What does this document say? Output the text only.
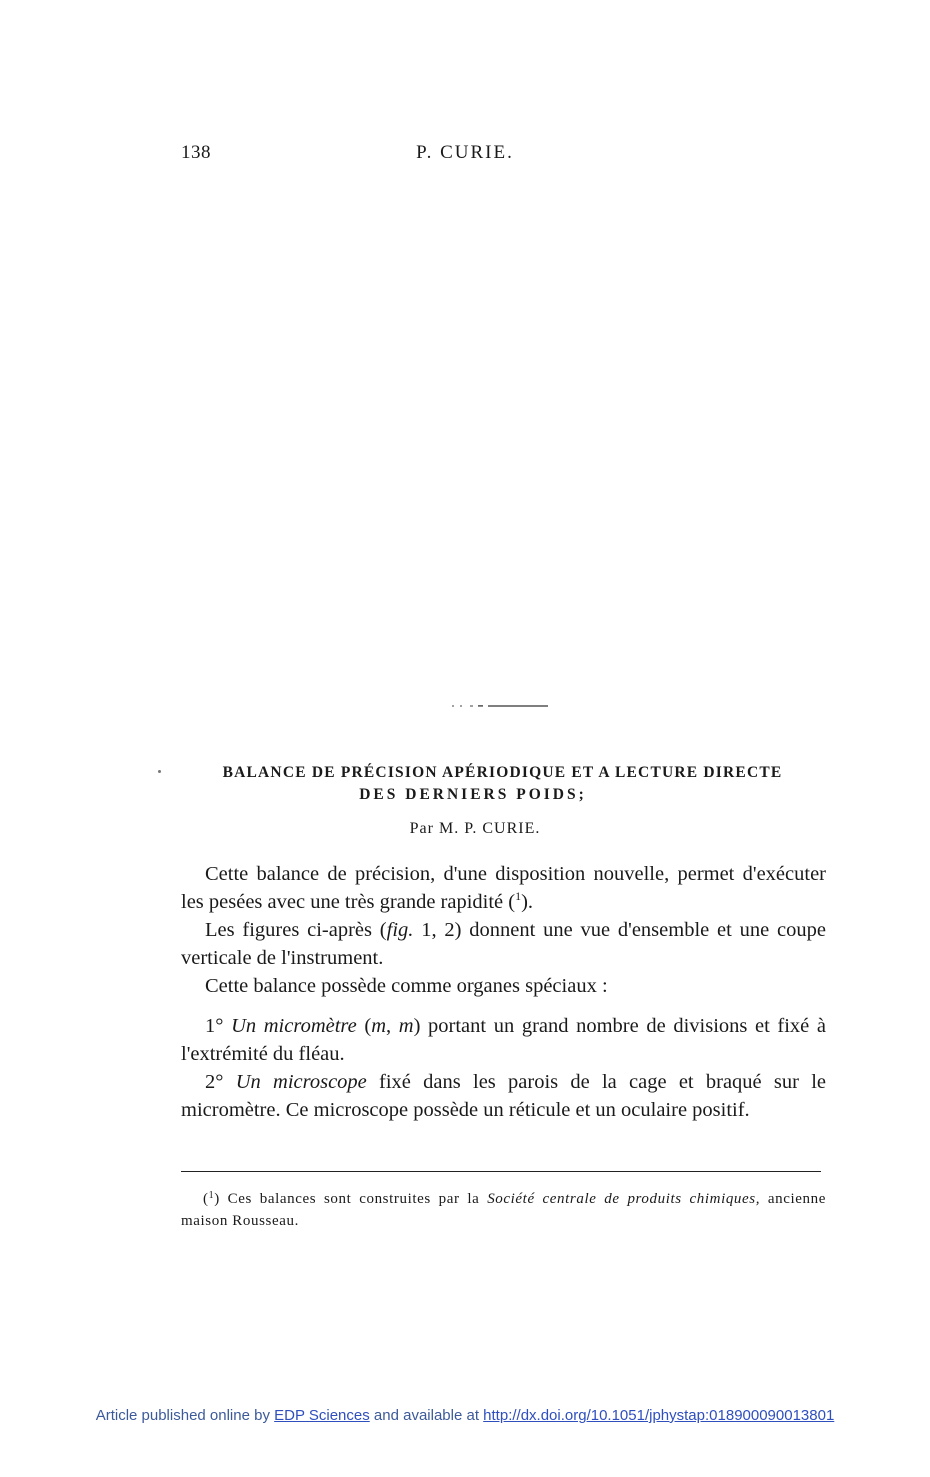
138	P. CURIE.
BALANCE DE PRÉCISION APÉRIODIQUE ET A LECTURE DIRECTE
DES DERNIERS POIDS;
Par M. P. CURIE.

Cette balance de précision, d'une disposition nouvelle, permet d'exécuter les pesées avec une très grande rapidité ($^1$).

Les figures ci-après (fig. 1, 2) donnent une vue d'ensemble et une coupe verticale de l'instrument.

Cette balance possède comme organes spéciaux :

1° Un micromètre (m, m) portant un grand nombre de divisions et fixé à l'extrémité du fléau.

2° Un microscope fixé dans les parois de la cage et braqué sur le micromètre. Ce microscope possède un réticule et un oculaire positif.

($^1$) Ces balances sont construites par la Société centrale de produits chimiques, ancienne maison Rousseau.

Article published online by EDP Sciences and available at http://dx.doi.org/10.1051/jphystap:018900090013801
